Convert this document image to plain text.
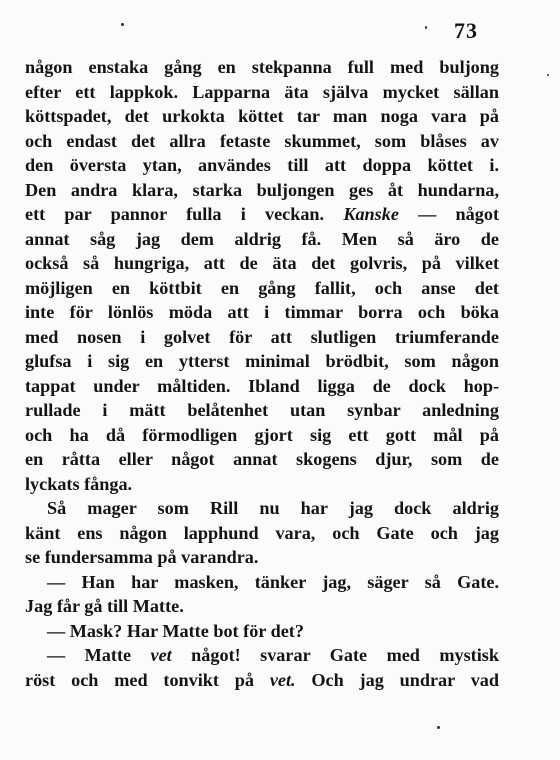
73
någon enstaka gång en stekpanna full med buljong
efter ett lappkok. Lapparna äta själva mycket sällan
köttspadet, det urkokta köttet tar man noga vara på
och endast det allra fetaste skummet, som blåses av
den översta ytan, användes till att doppa köttet i.
Den andra klara, starka buljongen ges åt hundarna,
ett par pannor fulla i veckan. Kanske — något
annat såg jag dem aldrig få. Men så äro de
också så hungriga, att de äta det golvris, på vilket
möjligen en köttbit en gång fallit, och anse det
inte för lönlös möda att i timmar borra och böka
med nosen i golvet för att slutligen triumferande
glufsa i sig en ytterst minimal brödbit, som någon
tappat under måltiden. Ibland ligga de dock hop-
rullade i mätt belåtenhet utan synbar anledning
och ha då förmodligen gjort sig ett gott mål på
en råtta eller något annat skogens djur, som de
lyckats fånga.
Så mager som Rill nu har jag dock aldrig
känt ens någon lapphund vara, och Gate och jag
se fundersamma på varandra.
— Han har masken, tänker jag, säger så Gate.
Jag får gå till Matte.
— Mask? Har Matte bot för det?
— Matte vet något! svarar Gate med mystisk
röst och med tonvikt på vet. Och jag undrar vad
